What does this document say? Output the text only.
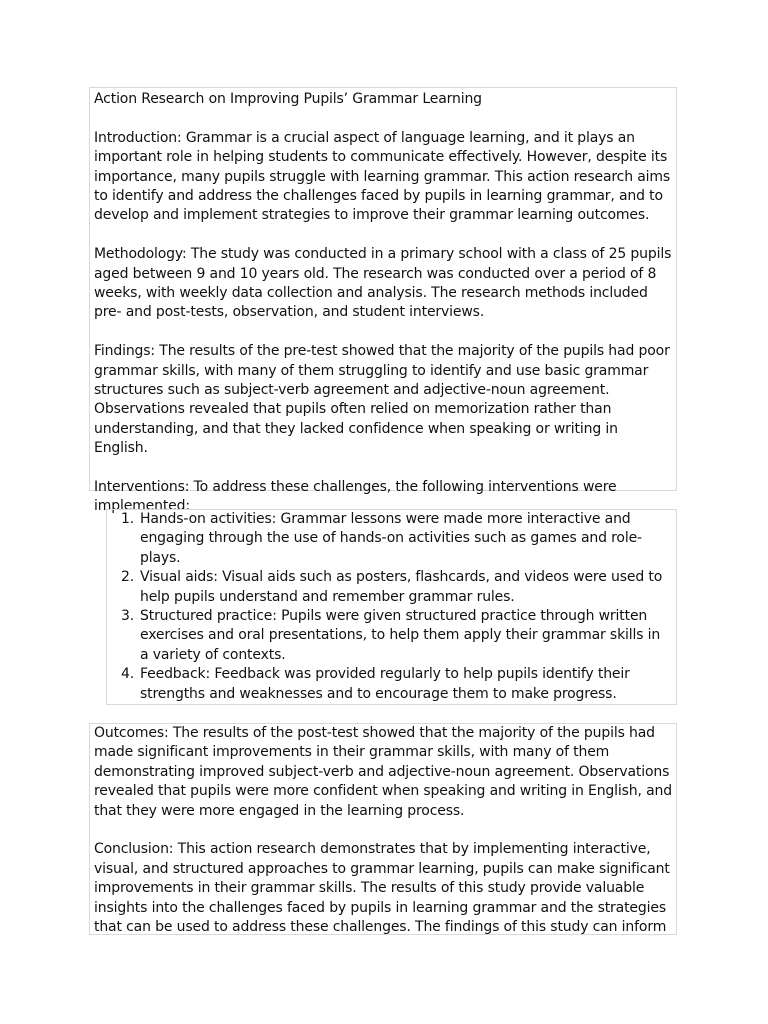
Action Research on Improving Pupils’ Grammar Learning

Introduction: Grammar is a crucial aspect of language learning, and it plays an important role in helping students to communicate effectively. However, despite its importance, many pupils struggle with learning grammar. This action research aims to identify and address the challenges faced by pupils in learning grammar, and to develop and implement strategies to improve their grammar learning outcomes.

Methodology: The study was conducted in a primary school with a class of 25 pupils aged between 9 and 10 years old. The research was conducted over a period of 8 weeks, with weekly data collection and analysis. The research methods included pre- and post-tests, observation, and student interviews.

Findings: The results of the pre-test showed that the majority of the pupils had poor grammar skills, with many of them struggling to identify and use basic grammar structures such as subject-verb agreement and adjective-noun agreement. Observations revealed that pupils often relied on memorization rather than understanding, and that they lacked confidence when speaking or writing in English.

Interventions: To address these challenges, the following interventions were implemented:

1. Hands-on activities: Grammar lessons were made more interactive and engaging through the use of hands-on activities such as games and role-plays.
2. Visual aids: Visual aids such as posters, flashcards, and videos were used to help pupils understand and remember grammar rules.
3. Structured practice: Pupils were given structured practice through written exercises and oral presentations, to help them apply their grammar skills in a variety of contexts.
4. Feedback: Feedback was provided regularly to help pupils identify their strengths and weaknesses and to encourage them to make progress.

Outcomes: The results of the post-test showed that the majority of the pupils had made significant improvements in their grammar skills, with many of them demonstrating improved subject-verb and adjective-noun agreement. Observations revealed that pupils were more confident when speaking and writing in English, and that they were more engaged in the learning process.

Conclusion: This action research demonstrates that by implementing interactive, visual, and structured approaches to grammar learning, pupils can make significant improvements in their grammar skills. The results of this study provide valuable insights into the challenges faced by pupils in learning grammar and the strategies that can be used to address these challenges. The findings of this study can inform
